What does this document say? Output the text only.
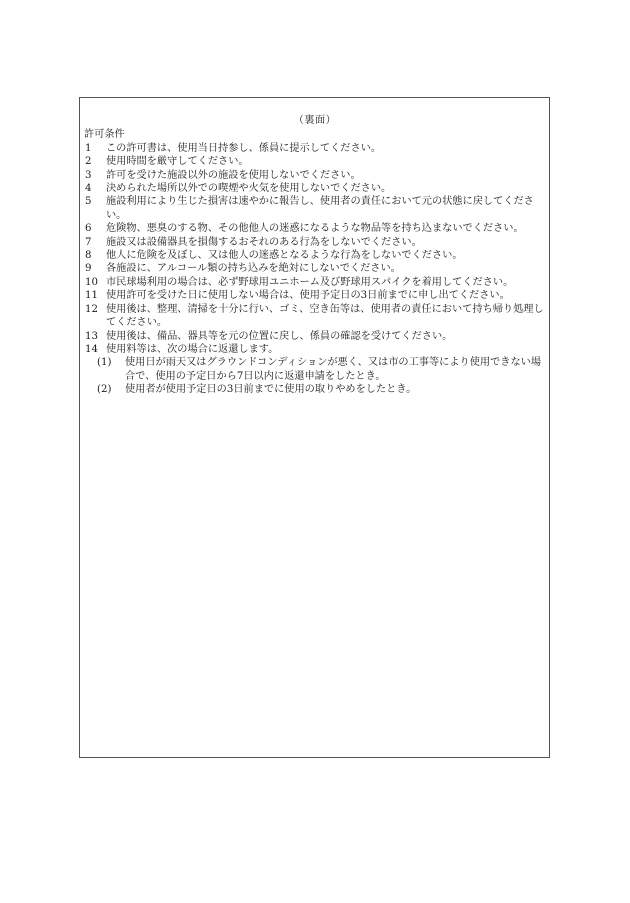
（裏面）

許可条件

1	この許可書は、使用当日持参し、係員に提示してください。
2	使用時間を厳守してください。
3	許可を受けた施設以外の施設を使用しないでください。
4	決められた場所以外での喫煙や火気を使用しないでください。
5	施設利用により生じた損害は速やかに報告し、使用者の責任において元の状態に戻してください。
6	危険物、悪臭のする物、その他他人の迷惑になるような物品等を持ち込まないでください。
7	施設又は設備器具を損傷するおそれのある行為をしないでください。
8	他人に危険を及ぼし、又は他人の迷惑となるような行為をしないでください。
9	各施設に、アルコール類の持ち込みを絶対にしないでください。
10 市民球場利用の場合は、必ず野球用ユニホーム及び野球用スパイクを着用してください。
11 使用許可を受けた日に使用しない場合は、使用予定日の3日前までに申し出てください。
12 使用後は、整理、清掃を十分に行い、ゴミ、空き缶等は、使用者の責任において持ち帰り処理してください。
13 使用後は、備品、器具等を元の位置に戻し、係員の確認を受けてください。
14 使用料等は、次の場合に返還します。
(1)	使用日が雨天又はグラウンドコンディションが悪く、又は市の工事等により使用できない場合で、使用の予定日から7日以内に返還申請をしたとき。
(2)	使用者が使用予定日の3日前までに使用の取りやめをしたとき。
